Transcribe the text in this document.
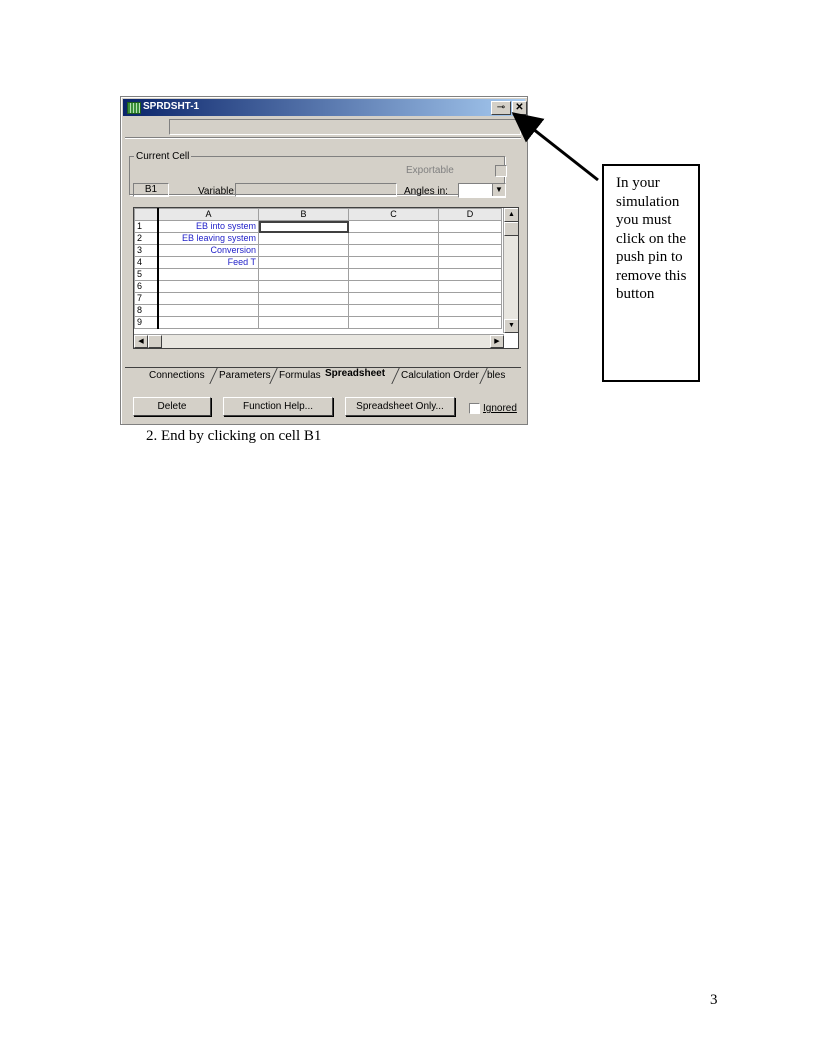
SPRDSHT-1	⊸	✕
Current Cell
Exportable
B1	Variable:	Angles in:	▼
	A	B	C	D
1	EB into system			
2	EB leaving system			
3	Conversion			
4	Feed T			
5				
6				
7				
8				
9				
▲
▼
◀	▶
Connections Parameters Formulas Spreadsheet Calculation Order bles
Delete	Function Help...	Spreadsheet Only...	Ignored
In your simulation you must click on the push pin to remove this button
2. End by clicking on cell B1
3
